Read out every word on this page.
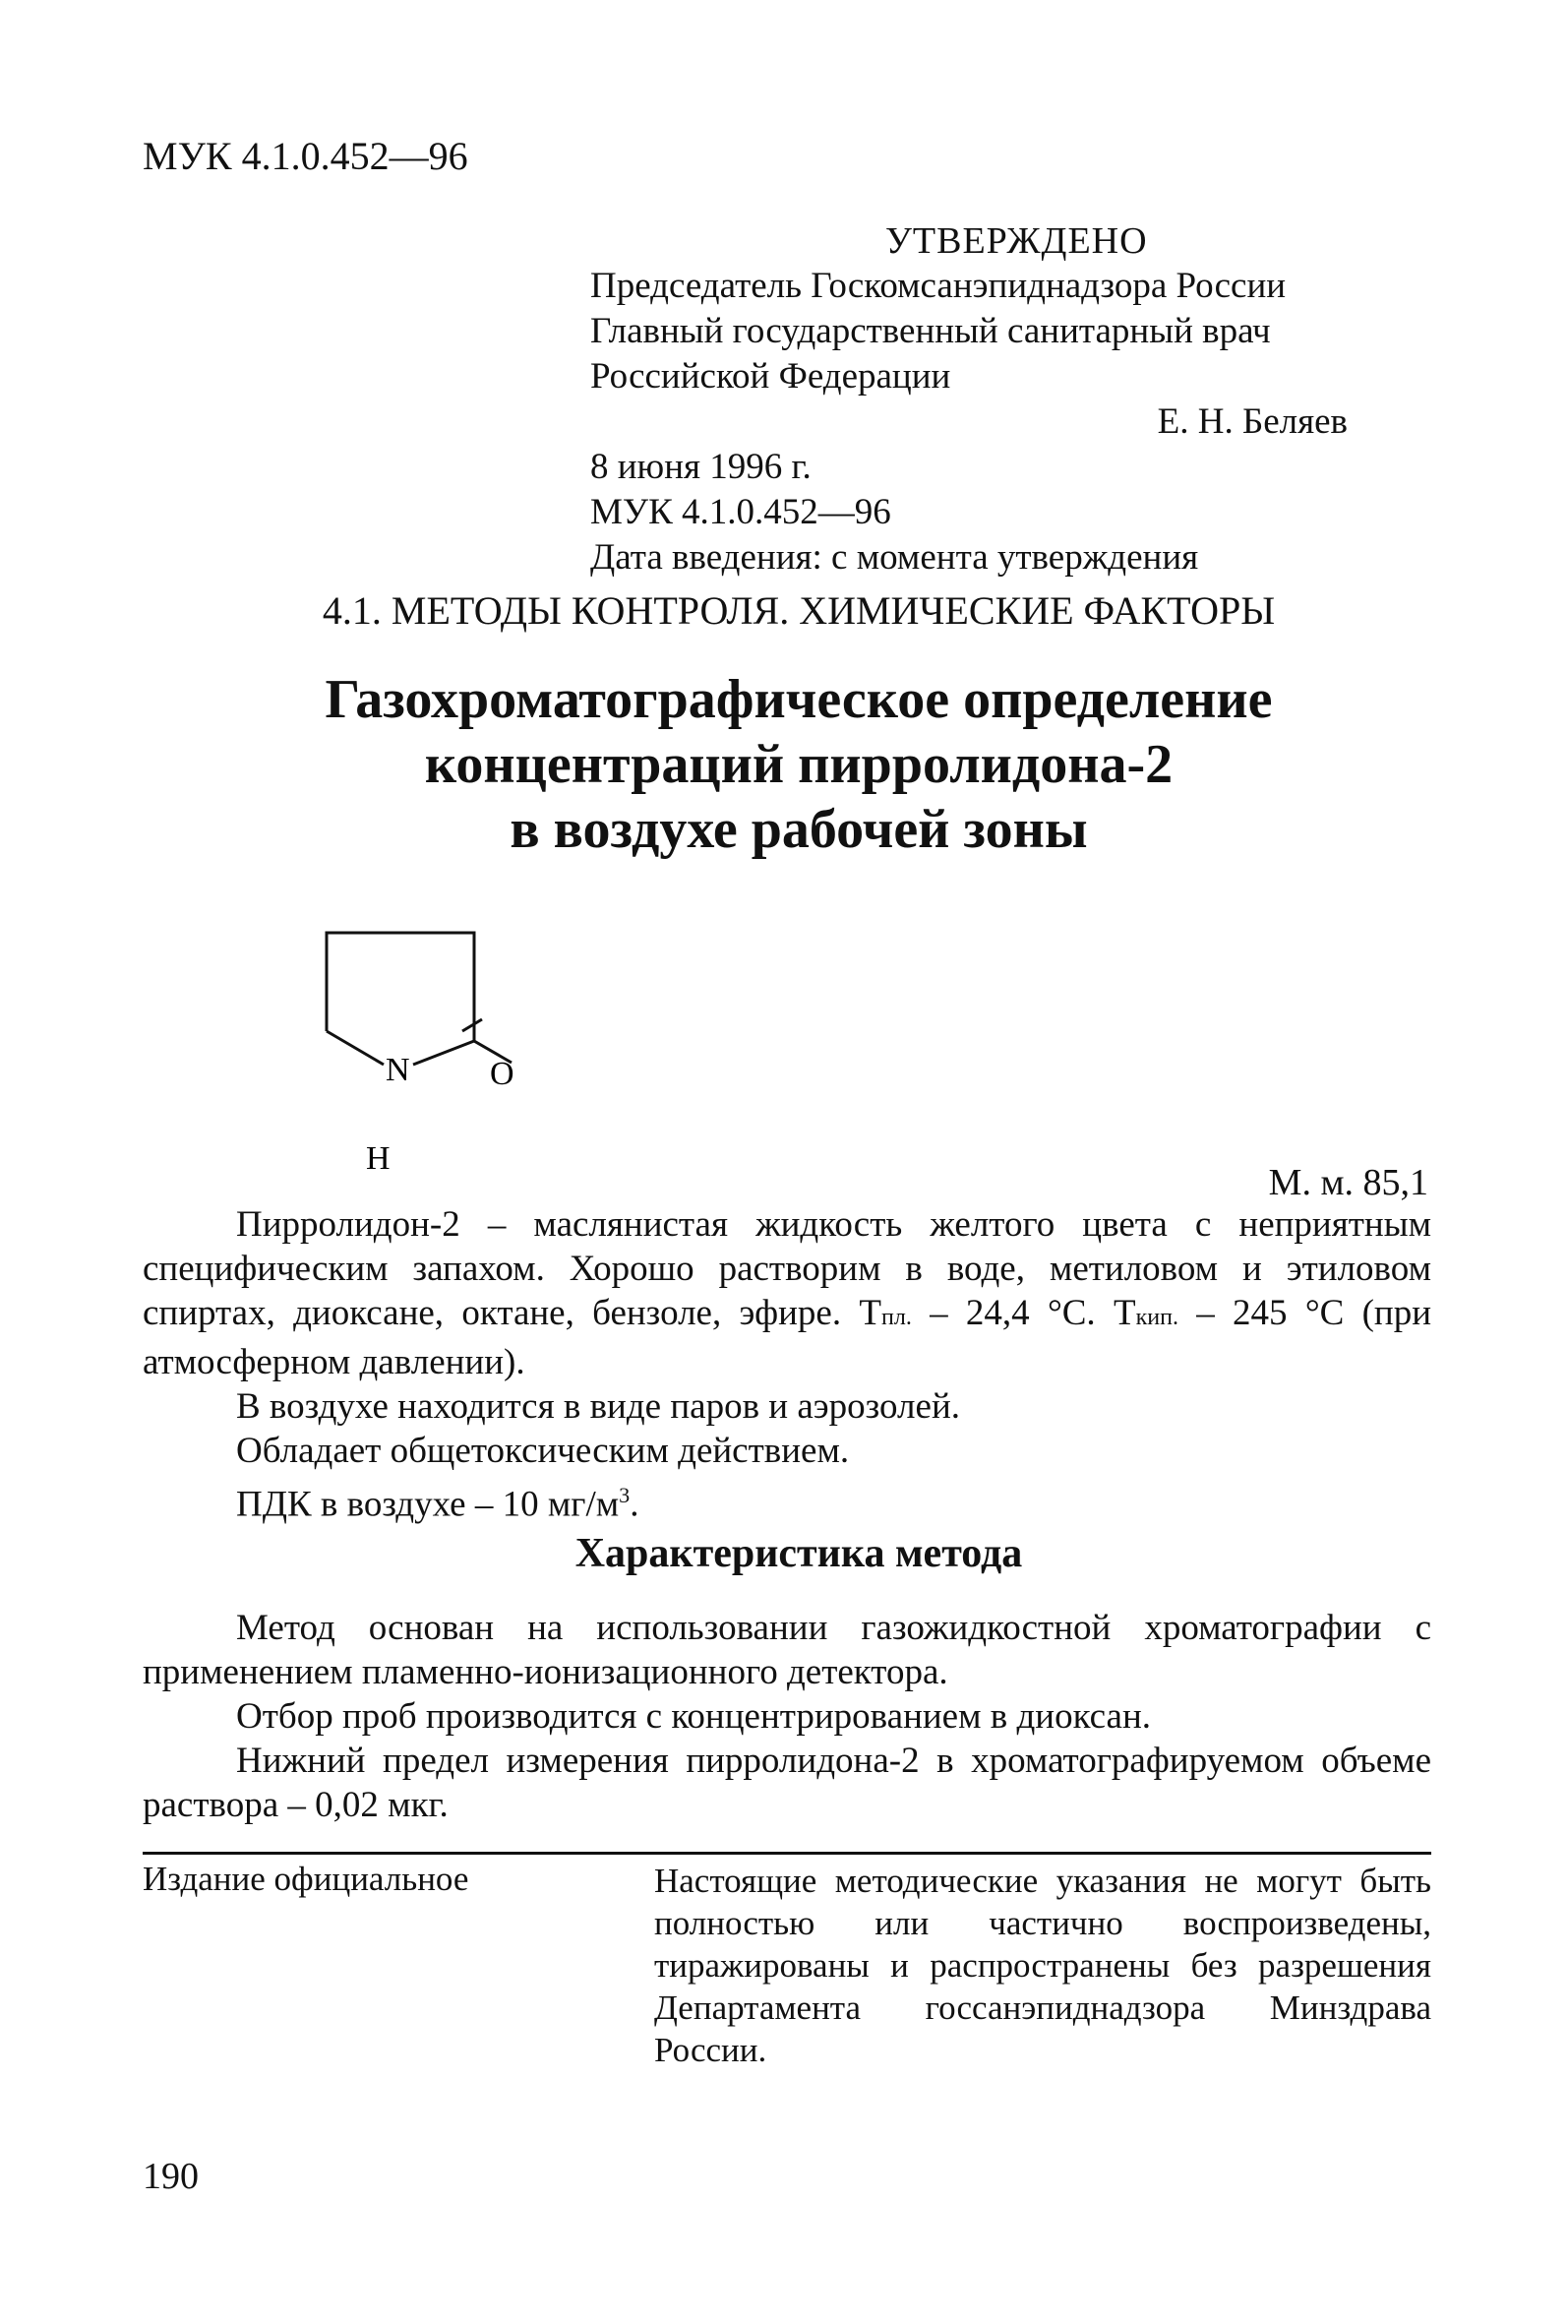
МУК 4.1.0.452—96
УТВЕРЖДЕНО
Председатель Госкомсанэпиднадзора России
Главный государственный санитарный врач
Российской Федерации
Е. Н. Беляев
8 июня 1996 г.
МУК 4.1.0.452—96
Дата введения: с момента утверждения
4.1. МЕТОДЫ КОНТРОЛЯ. ХИМИЧЕСКИЕ ФАКТОРЫ
Газохроматографическое определение
концентраций пирролидона-2
в воздухе рабочей зоны
N O
H
М. м. 85,1
Пирролидон-2 – маслянистая жидкость желтого цвета с неприятным специфическим запахом. Хорошо растворим в воде, метиловом и этиловом спиртах, диоксане, октане, бензоле, эфире. Тпл. – 24,4 °С. Ткип. – 245 °С (при атмосферном давлении).
В воздухе находится в виде паров и аэрозолей.
Обладает общетоксическим действием.
ПДК в воздухе – 10 $мг/м^3$.
Характеристика метода
Метод основан на использовании газожидкостной хроматографии с применением пламенно-ионизационного детектора.
Отбор проб производится с концентрированием в диоксан.
Нижний предел измерения пирролидона-2 в хроматографируемом объеме раствора – 0,02 мкг.
Издание официальное	Настоящие методические указания не могут быть полностью или частично воспроизведены, тиражированы и распространены без разрешения Департамента госсанэпиднадзора Минздрава России.
190
